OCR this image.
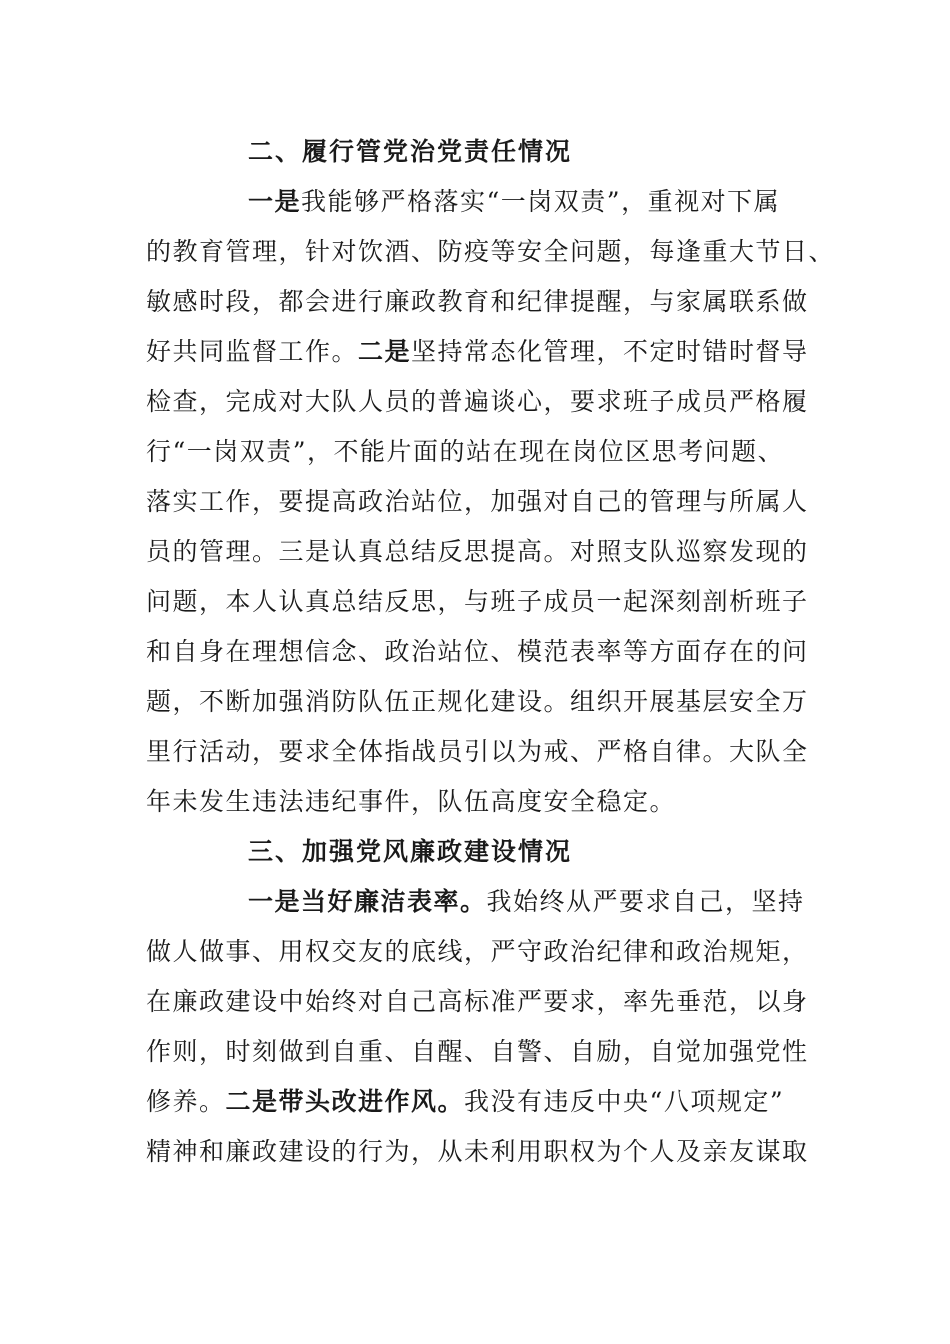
二、履行管党治党责任情况
一是我能够严格落实“一岗双责”，重视对下属
的教育管理，针对饮酒、防疫等安全问题，每逢重大节日、
敏感时段，都会进行廉政教育和纪律提醒，与家属联系做
好共同监督工作。二是坚持常态化管理，不定时错时督导
检查，完成对大队人员的普遍谈心，要求班子成员严格履
行“一岗双责”，不能片面的站在现在岗位区思考问题、
落实工作，要提高政治站位，加强对自己的管理与所属人
员的管理。三是认真总结反思提高。对照支队巡察发现的
问题，本人认真总结反思，与班子成员一起深刻剖析班子
和自身在理想信念、政治站位、模范表率等方面存在的问
题，不断加强消防队伍正规化建设。组织开展基层安全万
里行活动，要求全体指战员引以为戒、严格自律。大队全
年未发生违法违纪事件，队伍高度安全稳定。
三、加强党风廉政建设情况
一是当好廉洁表率。我始终从严要求自己，坚持
做人做事、用权交友的底线，严守政治纪律和政治规矩，
在廉政建设中始终对自己高标准严要求，率先垂范，以身
作则，时刻做到自重、自醒、自警、自励，自觉加强党性
修养。二是带头改进作风。我没有违反中央“八项规定”
精神和廉政建设的行为，从未利用职权为个人及亲友谋取
